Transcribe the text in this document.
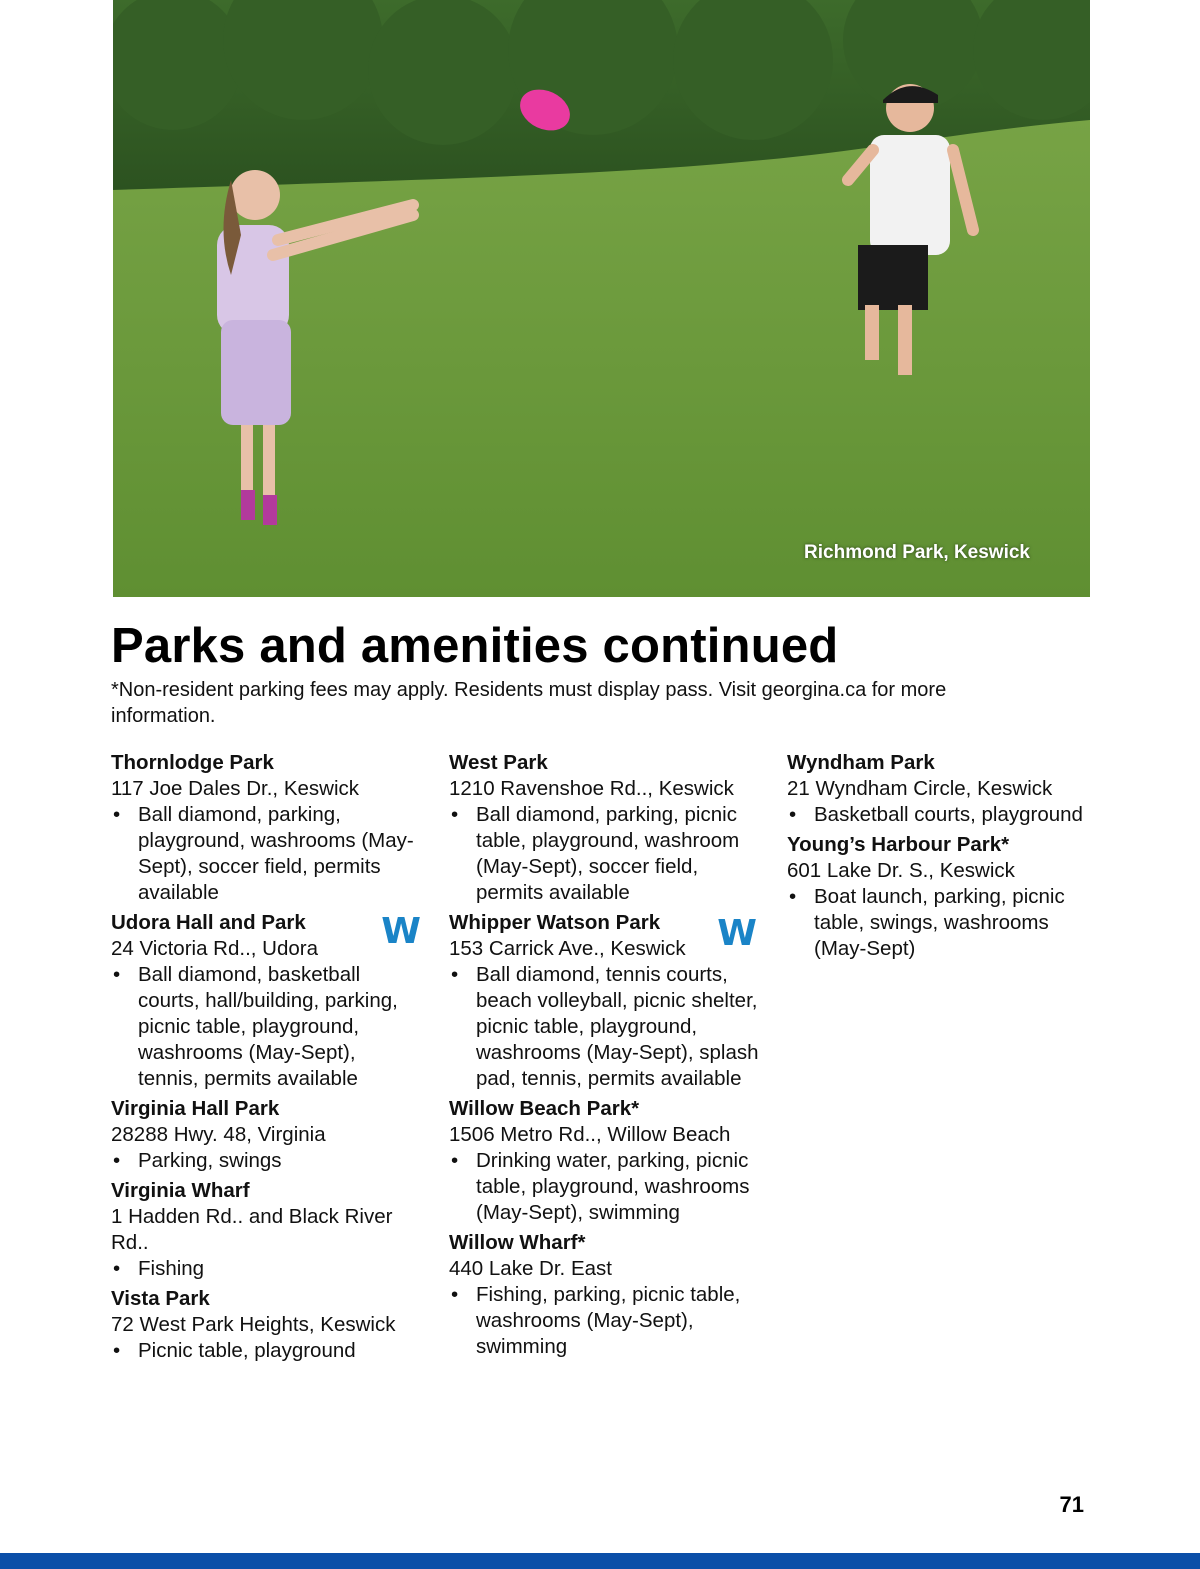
Richmond Park, Keswick
Parks and amenities continued
*Non-resident parking fees may apply. Residents must display pass. Visit georgina.ca for more information.
Thornlodge Park
117 Joe Dales Dr., Keswick
• Ball diamond, parking, playground, washrooms (May-Sept), soccer field, permits available
Udora Hall and Park	W
24 Victoria Rd.., Udora
• Ball diamond, basketball courts, hall/building, parking, picnic table, playground, washrooms (May-Sept), tennis, permits available
Virginia Hall Park
28288 Hwy. 48, Virginia
• Parking, swings
Virginia Wharf
1 Hadden Rd.. and Black River Rd..
• Fishing
Vista Park
72 West Park Heights, Keswick
• Picnic table, playground
West Park
1210 Ravenshoe Rd.., Keswick
• Ball diamond, parking, picnic table, playground, washroom (May-Sept), soccer field, permits available
Whipper Watson Park	W
153 Carrick Ave., Keswick
• Ball diamond, tennis courts, beach volleyball, picnic shelter, picnic table, playground, washrooms (May-Sept), splash pad, tennis, permits available
Willow Beach Park*
1506 Metro Rd.., Willow Beach
• Drinking water, parking, picnic table, playground, washrooms (May-Sept), swimming
Willow Wharf*
440 Lake Dr. East
• Fishing, parking, picnic table, washrooms (May-Sept), swimming
Wyndham Park
21 Wyndham Circle, Keswick
• Basketball courts, playground
Young’s Harbour Park*
601 Lake Dr. S., Keswick
• Boat launch, parking, picnic table, swings, washrooms (May-Sept)
71
